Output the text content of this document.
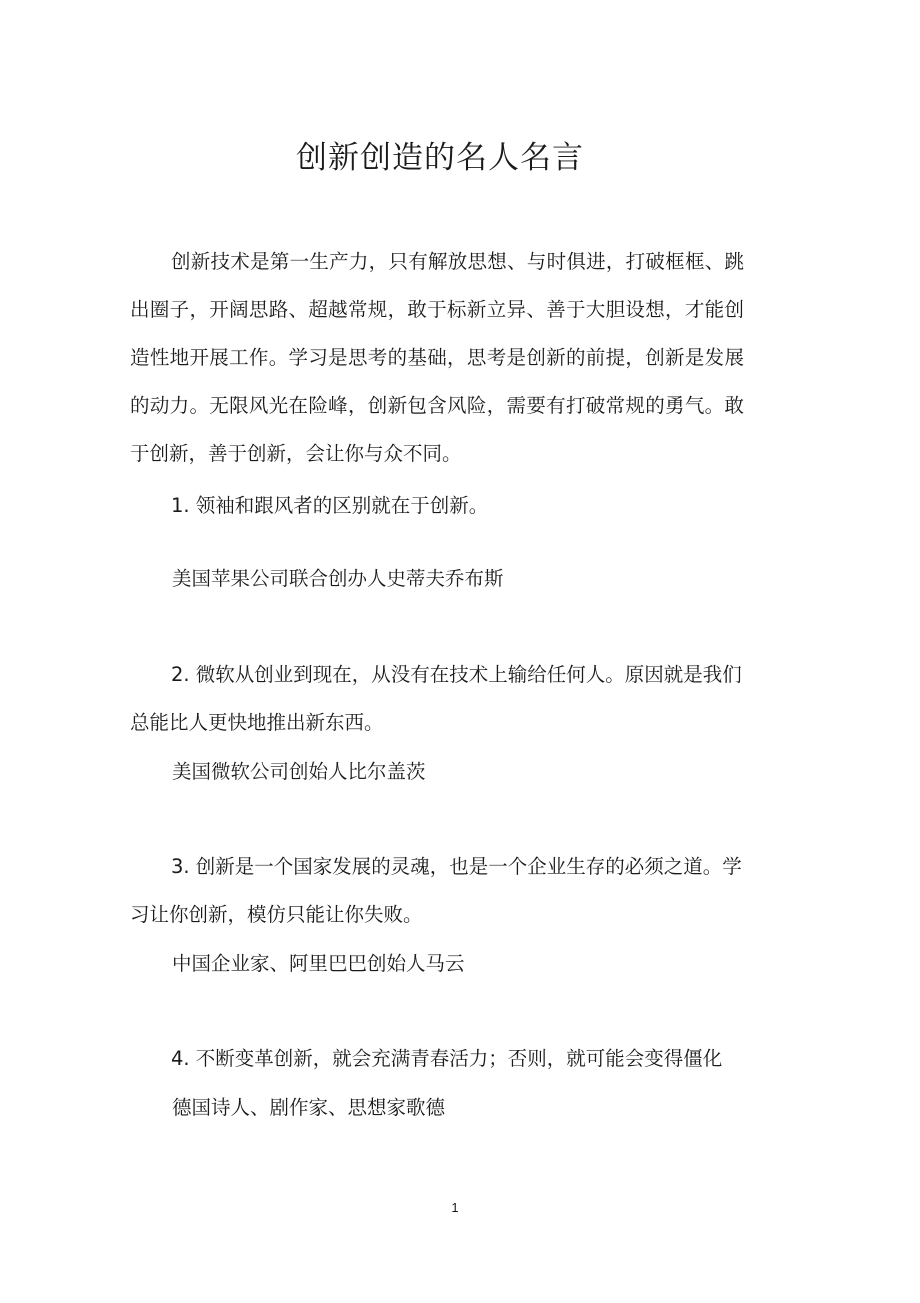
创新创造的名人名言

创新技术是第一生产力，只有解放思想、与时俱进，打破框框、跳出圈子，开阔思路、超越常规，敢于标新立异、善于大胆设想，才能创造性地开展工作。学习是思考的基础，思考是创新的前提，创新是发展的动力。无限风光在险峰，创新包含风险，需要有打破常规的勇气。敢于创新，善于创新，会让你与众不同。

1. 领袖和跟风者的区别就在于创新。

美国苹果公司联合创办人史蒂夫乔布斯

2. 微软从创业到现在，从没有在技术上输给任何人。原因就是我们总能比人更快地推出新东西。

美国微软公司创始人比尔盖茨

3. 创新是一个国家发展的灵魂，也是一个企业生存的必须之道。学习让你创新，模仿只能让你失败。

中国企业家、阿里巴巴创始人马云

4. 不断变革创新，就会充满青春活力；否则，就可能会变得僵化

德国诗人、剧作家、思想家歌德

1
